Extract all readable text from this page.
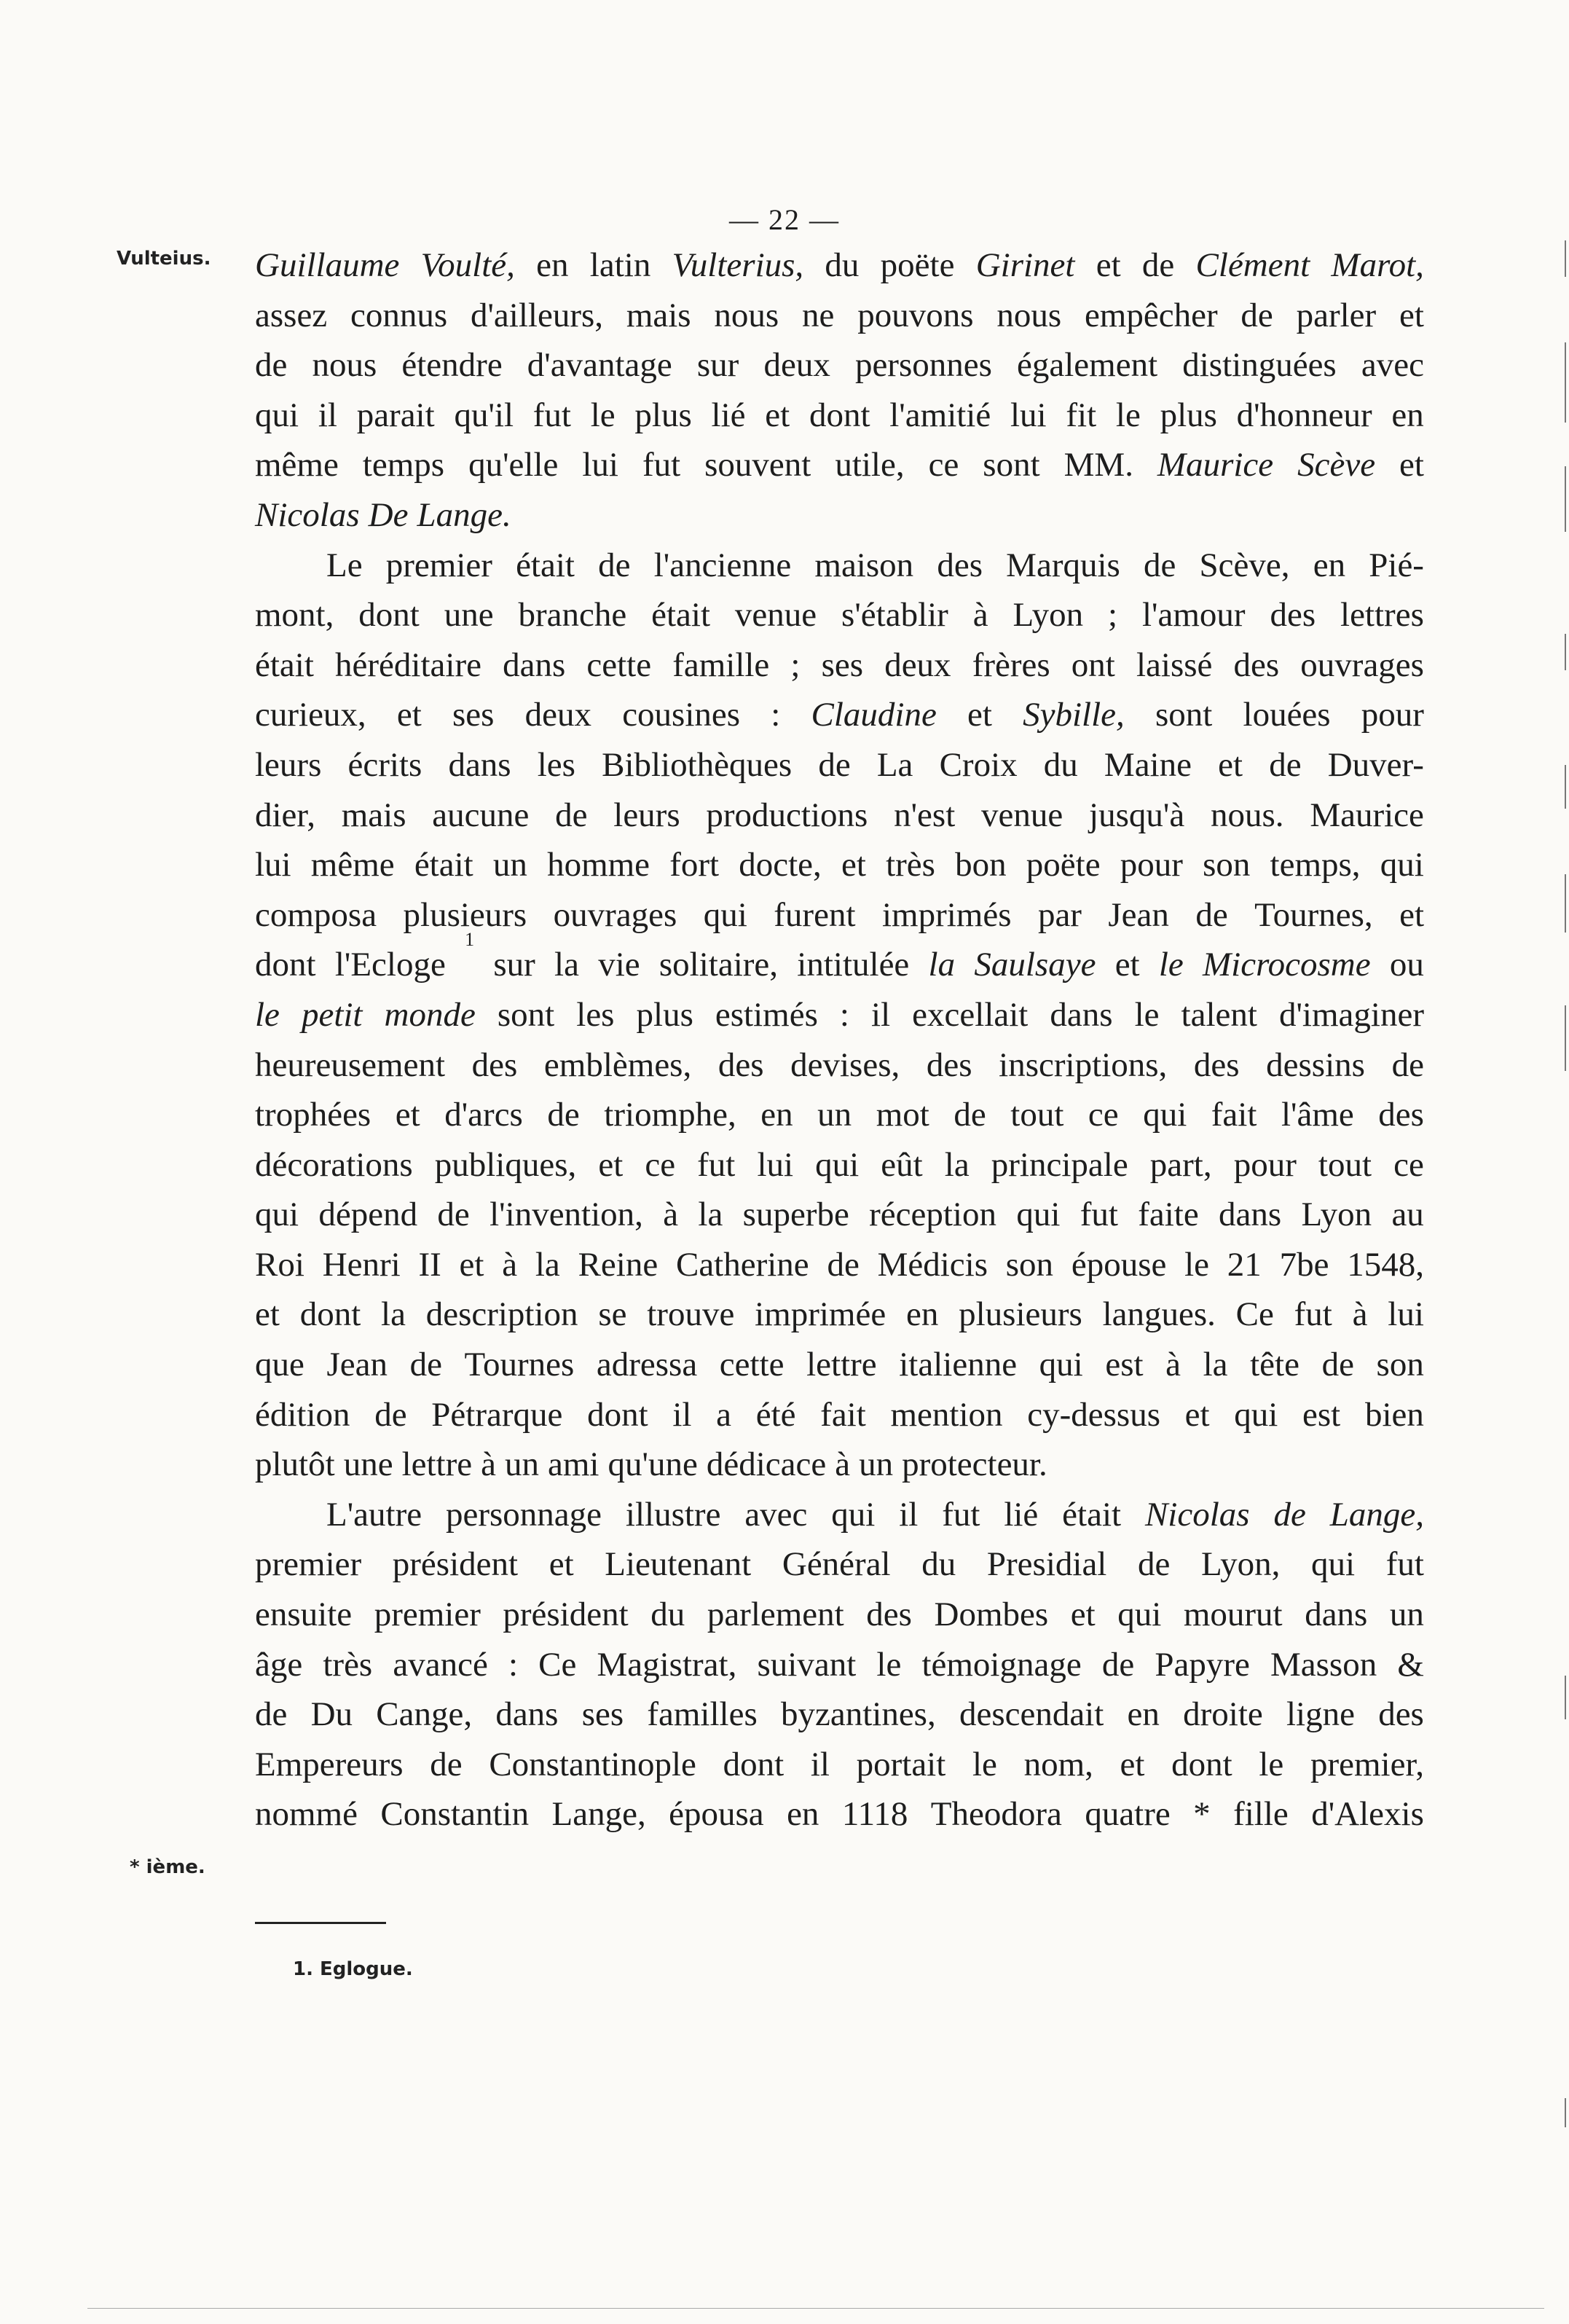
— 22 —
Vulteius.
* ième.
Guillaume Voulté, en latin Vulterius, du poëte Girinet et de Clément Marot,
assez connus d'ailleurs, mais nous ne pouvons nous empêcher de parler et
de nous étendre d'avantage sur deux personnes également distinguées avec
qui il parait qu'il fut le plus lié et dont l'amitié lui fit le plus d'honneur en
même temps qu'elle lui fut souvent utile, ce sont MM. Maurice Scève et
Nicolas De Lange.
Le premier était de l'ancienne maison des Marquis de Scève, en Pié-
mont, dont une branche était venue s'établir à Lyon ; l'amour des lettres
était héréditaire dans cette famille ; ses deux frères ont laissé des ouvrages
curieux, et ses deux cousines : Claudine et Sybille, sont louées pour
leurs écrits dans les Bibliothèques de La Croix du Maine et de Duver-
dier, mais aucune de leurs productions n'est venue jusqu'à nous. Maurice
lui même était un homme fort docte, et très bon poëte pour son temps, qui
composa plusieurs ouvrages qui furent imprimés par Jean de Tournes, et
dont l'Ecloge
1
sur la vie solitaire, intitulée la Saulsaye et le Microcosme ou
le petit monde sont les plus estimés : il excellait dans le talent d'imaginer
heureusement des emblèmes, des devises, des inscriptions, des dessins de
trophées et d'arcs de triomphe, en un mot de tout ce qui fait l'âme des
décorations publiques, et ce fut lui qui eût la principale part, pour tout ce
qui dépend de l'invention, à la superbe réception qui fut faite dans Lyon au
Roi Henri II et à la Reine Catherine de Médicis son épouse le 21 7be 1548,
et dont la description se trouve imprimée en plusieurs langues. Ce fut à lui
que Jean de Tournes adressa cette lettre italienne qui est à la tête de son
édition de Pétrarque dont il a été fait mention cy-dessus et qui est bien
plutôt une lettre à un ami qu'une dédicace à un protecteur.
L'autre personnage illustre avec qui il fut lié était Nicolas de Lange,
premier président et Lieutenant Général du Presidial de Lyon, qui fut
ensuite premier président du parlement des Dombes et qui mourut dans un
âge très avancé : Ce Magistrat, suivant le témoignage de Papyre Masson &
de Du Cange, dans ses familles byzantines, descendait en droite ligne des
Empereurs de Constantinople dont il portait le nom, et dont le premier,
nommé Constantin Lange, épousa en 1118 Theodora quatre * fille d'Alexis
1. Eglogue.
